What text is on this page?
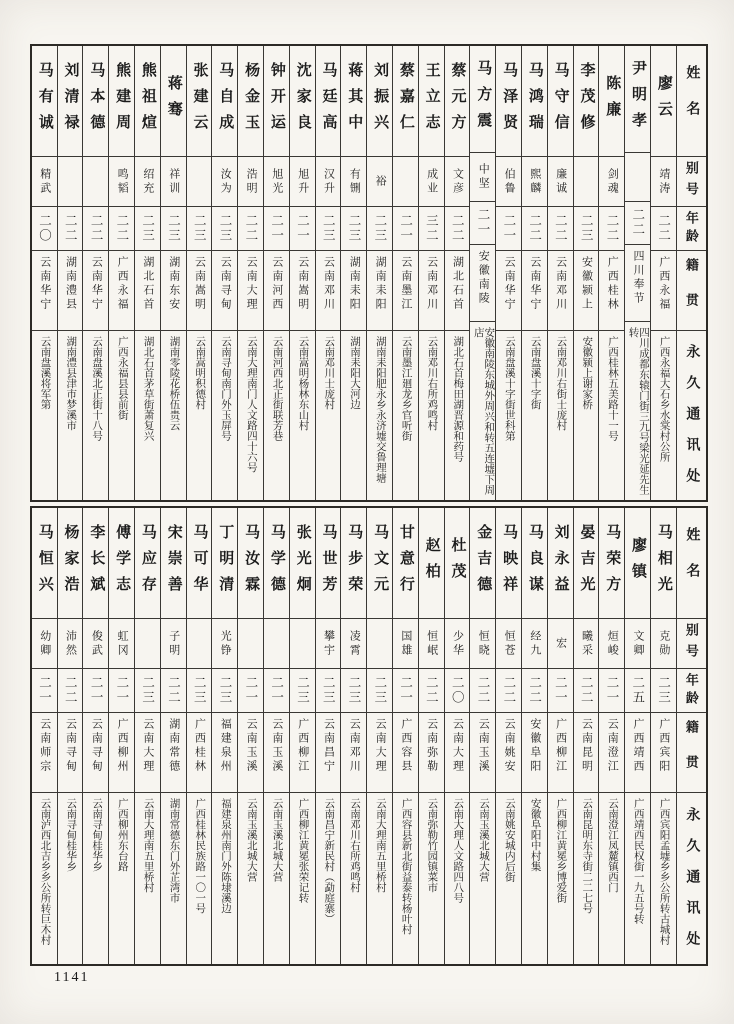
姓名
别号
年龄
籍贯
永久通讯处
廖云
靖涛
二二
广西永福
广西永福大石乡水棠村公所
尹明孝
二二
四川奉节
四川成都东辕门街三九号梁光延先生转
陈廉
剑魂
二二
广西桂林
广西桂林五美路十一号
李茂修
二三
安徽颍上
安徽颍上谢家桥
马守信
廉诚
二二
云南邓川
云南邓川右街士庞村
马鸿瑞
熙麟
二二
云南华宁
云南盘溪十字街
马泽贤
伯鲁
二一
云南华宁
云南盘溪十字街世科第
马方震
中坚
二一
安徽南陵
安徽南陵东城外周兴和转五连墟下周店
蔡元方
文彦
二二
湖北石首
湖北石首梅田湖晋源和药号
王立志
成业
三二
云南邓川
云南邓川右所鸡鸣村
蔡嘉仁
二一
云南墨江
云南墨江廻龙乡官听街
刘振兴
裕
二三
湖南耒阳
湖南耒阳肥永乡永济墟交鲁理塘
蒋其中
有铏
二三
湖南耒阳
湖南耒阳大河边
马廷高
汉升
二三
云南邓川
云南邓川士庞村
沈家良
旭升
二一
云南嵩明
云南嵩明杨林东山村
钟开运
旭光
二一
云南河西
云南河西北正街联芳巷
杨金玉
浩明
二二
云南大理
云南大理南门人文路四十六号
马自成
汝为
二三
云南寻甸
云南寻甸南门外玉屏号
张建云
二三
云南嵩明
云南嵩明积德村
蒋骞
祥训
二三
湖南东安
湖南零陵花桥伍贵云
熊祖煊
绍充
二三
湖北石首
湖北石首茅草街萧复兴
熊建周
鸣韬
二二
广西永福
广西永福县县前街
马本德
二二
云南华宁
云南盘溪北正街十八号
刘清禄
二二
湖南澧县
湖南澧县津市梦溪市
马有诚
精武
二〇
云南华宁
云南盘溪将军第
姓名
别号
年龄
籍贯
永久通讯处
马相光
克勋
二三
广西宾阳
广西宾阳孟墟乡乡公所转古城村
廖镇
文卿
二五
广西靖西
广西靖西民权街一九五号转
马荣方
烜峻
二一
云南澄江
云南澄江凤麓镇西门
晏吉光
曦采
二二
云南昆明
云南昆明东寺街二二七号
刘永益
宏
二一
广西柳江
广西柳江黄冕乡博爱街
马良谋
经九
二二
安徽阜阳
安徽阜阳中村集
马映祥
恒苍
二二
云南姚安
云南姚安城内后街
金吉德
恒晓
二二
云南玉溪
云南玉溪北城大营
杜茂
少华
二〇
云南大理
云南大理人文路四八号
赵柏
恒岷
二二
云南弥勒
云南弥勒竹园镇菜市
甘意行
国雄
二一
广西容县
广西容县新北街益泰转杨叶村
马文元
二三
云南大理
云南大理南五里桥村
马步荣
凌霄
二三
云南邓川
云南邓川右所鸡鸣村
马世芳
攀宇
二三
云南昌宁
云南昌宁新民村（勐庭寨）
张光炯
二三
广西柳江
广西柳江黄冕张荣记转
马学德
二一
云南玉溪
云南玉溪北城大营
马汝霖
二一
云南玉溪
云南玉溪北城大营
丁明清
光铮
二三
福建泉州
福建泉州南门外陈埭溪边
马可华
二三
广西桂林
广西桂林民族路一〇一号
宋崇善
子明
二二
湖南常德
湖南常德东门外芷湾市
马应存
二三
云南大理
云南大理南五里桥村
傅学志
虹冈
二一
广西柳州
广西柳州东台路
李长斌
俊武
二一
云南寻甸
云南寻甸桂华乡
杨家浩
沛然
二二
云南寻甸
云南寻甸桂华乡
马恒兴
幼卿
二一
云南师宗
云南泸西北吉乡乡公所转巨木村
1141
